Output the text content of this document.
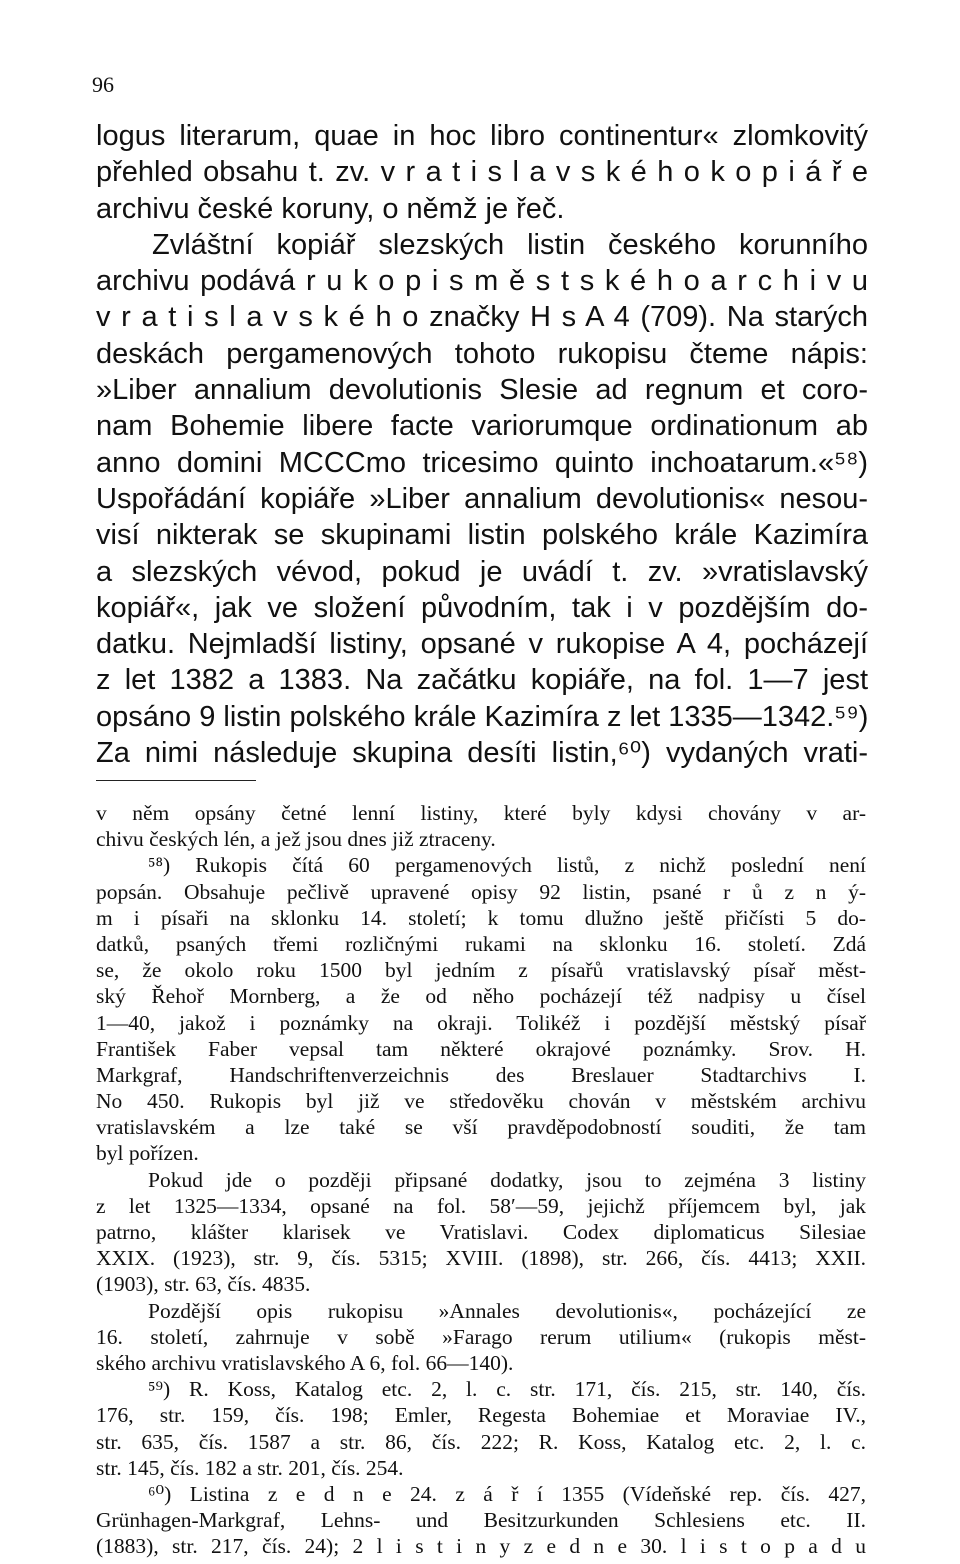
96
logus literarum, quae in hoc libro continentur« zlomkovitý
přehled obsahu t. zv. v r a t i s l a v s k é h o k o p i á ř e
archivu české koruny, o němž je řeč.
Zvláštní kopiář slezských listin českého korunního
archivu podává r u k o p i s m ě s t s k é h o a r c h i v u
v r a t i s l a v s k é h o značky H s A 4 (709). Na starých
deskách pergamenových tohoto rukopisu čteme nápis:
»Liber annalium devolutionis Slesie ad regnum et coro-
nam Bohemie libere facte variorumque ordinationum ab
anno domini MCCCmo tricesimo quinto inchoatarum.«⁵⁸)
Uspořádání kopiáře »Liber annalium devolutionis« nesou-
visí nikterak se skupinami listin polského krále Kazimíra
a slezských vévod, pokud je uvádí t. zv. »vratislavský
kopiář«, jak ve složení původním, tak i v pozdějším do-
datku. Nejmladší listiny, opsané v rukopise A 4, pocházejí
z let 1382 a 1383. Na začátku kopiáře, na fol. 1—7 jest
opsáno 9 listin polského krále Kazimíra z let 1335—1342.⁵⁹)
Za nimi následuje skupina desíti listin,⁶⁰) vydaných vrati-
v něm opsány četné lenní listiny, které byly kdysi chovány v ar-
chivu českých lén, a jež jsou dnes již ztraceny.
⁵⁸) Rukopis čítá 60 pergamenových listů, z nichž poslední není
popsán. Obsahuje pečlivě upravené opisy 92 listin, psané r ů z n ý-
m i písaři na sklonku 14. století; k tomu dlužno ještě přičísti 5 do-
datků, psaných třemi rozličnými rukami na sklonku 16. století. Zdá
se, že okolo roku 1500 byl jedním z písařů vratislavský písař měst-
ský Řehoř Mornberg, a že od něho pocházejí též nadpisy u čísel
1—40, jakož i poznámky na okraji. Tolikéž i pozdější městský písař
František Faber vepsal tam některé okrajové poznámky. Srov. H.
Markgraf, Handschriftenverzeichnis des Breslauer Stadtarchivs I.
No 450. Rukopis byl již ve středověku chován v městském archivu
vratislavském a lze také se vší pravděpodobností souditi, že tam
byl pořízen.
Pokud jde o později připsané dodatky, jsou to zejména 3 listiny
z let 1325—1334, opsané na fol. 58′—59, jejichž příjemcem byl, jak
patrno, klášter klarisek ve Vratislavi. Codex diplomaticus Silesiae
XXIX. (1923), str. 9, čís. 5315; XVIII. (1898), str. 266, čís. 4413; XXII.
(1903), str. 63, čís. 4835.
Pozdější opis rukopisu »Annales devolutionis«, pocházející ze
16. století, zahrnuje v sobě »Farago rerum utilium« (rukopis měst-
ského archivu vratislavského A 6, fol. 66—140).
⁵⁹) R. Koss, Katalog etc. 2, l. c. str. 171, čís. 215, str. 140, čís.
176, str. 159, čís. 198; Emler, Regesta Bohemiae et Moraviae IV.,
str. 635, čís. 1587 a str. 86, čís. 222; R. Koss, Katalog etc. 2, l. c.
str. 145, čís. 182 a str. 201, čís. 254.
⁶⁰) Listina z e d n e 24. z á ř í 1355 (Vídeňské rep. čís. 427,
Grünhagen-Markgraf, Lehns- und Besitzurkunden Schlesiens etc. II.
(1883), str. 217, čís. 24); 2 l i s t i n y z e d n e 30. l i s t o p a d u
